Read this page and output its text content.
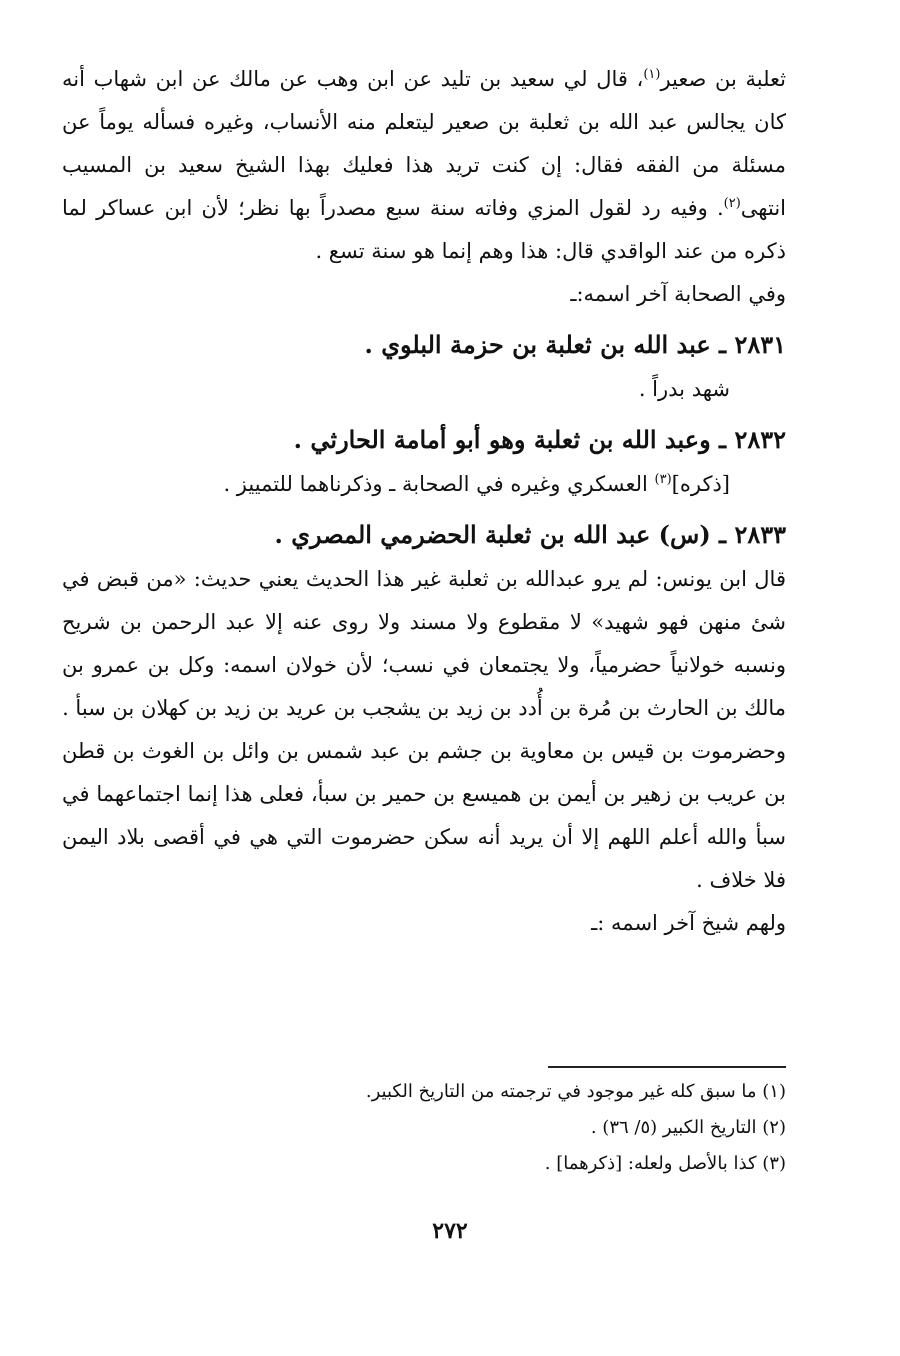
ثعلبة بن صعير$^{(١)}$، قال لي سعيد بن تليد عن ابن وهب عن مالك عن ابن شهاب أنه كان يجالس عبد الله بن ثعلبة بن صعير ليتعلم منه الأنساب، وغيره فسأله يوماً عن مسئلة من الفقه فقال: إن كنت تريد هذا فعليك بهذا الشيخ سعيد بن المسيب انتهى$^{(٢)}$. وفيه رد لقول المزي وفاته سنة سبع مصدراً بها نظر؛ لأن ابن عساكر لما ذكره من عند الواقدي قال: هذا وهم إنما هو سنة تسع .

وفي الصحابة آخر اسمه:ـ

٢٨٣١ ـ عبد الله بن ثعلبة بن حزمة البلوي .

شهد بدراً .

٢٨٣٢ ـ وعبد الله بن ثعلبة وهو أبو أمامة الحارثي .

[ذكره]$^{(٣)}$ العسكري وغيره في الصحابة ـ وذكرناهما للتمييز .

٢٨٣٣ ـ (س) عبد الله بن ثعلبة الحضرمي المصري .

قال ابن يونس: لم يرو عبدالله بن ثعلبة غير هذا الحديث يعني حديث: «من قبض في شئ منهن فهو شهيد» لا مقطوع ولا مسند ولا روى عنه إلا عبد الرحمن بن شريح ونسبه خولانياً حضرمياً، ولا يجتمعان في نسب؛ لأن خولان اسمه: وكل بن عمرو بن مالك بن الحارث بن مُرة بن أُدد بن زيد بن يشجب بن عريد بن زيد بن كهلان بن سبأ .

وحضرموت بن قيس بن معاوية بن جشم بن عبد شمس بن وائل بن الغوث بن قطن بن عريب بن زهير بن أيمن بن هميسع بن حمير بن سبأ، فعلى هذا إنما اجتماعهما في سبأ والله أعلم اللهم إلا أن يريد أنه سكن حضرموت التي هي في أقصى بلاد اليمن فلا خلاف .

ولهم شيخ آخر اسمه :ـ

(١) ما سبق كله غير موجود في ترجمته من التاريخ الكبير.

(٢) التاريخ الكبير (٥/ ٣٦) .

(٣) كذا بالأصل ولعله: [ذكرهما] .

٢٧٢
